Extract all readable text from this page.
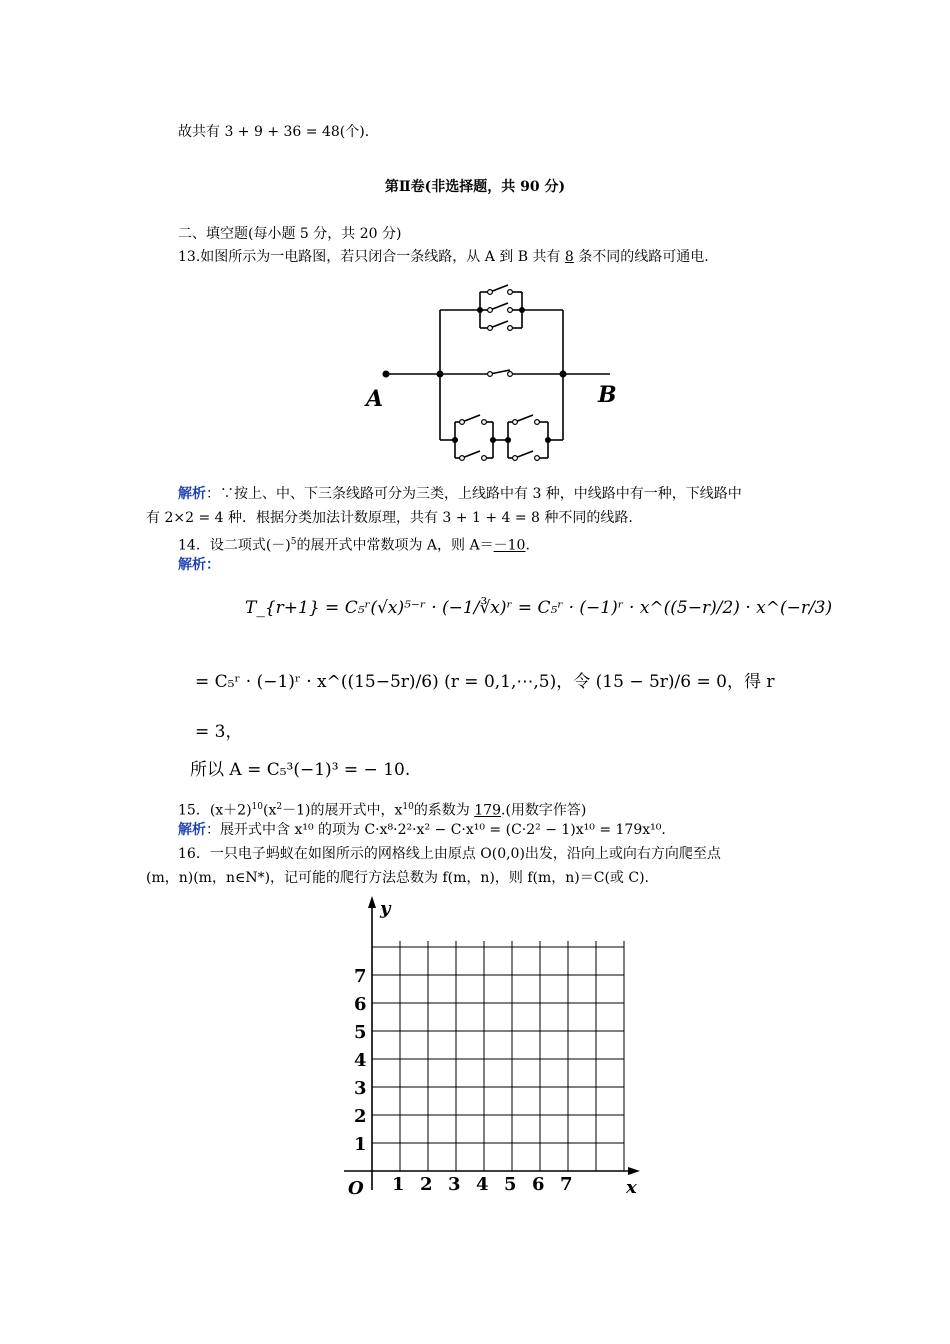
故共有 3 + 9 + 36 = 48(个).
第Ⅱ卷(非选择题，共 90 分)
二、填空题(每小题 5 分，共 20 分)
13.如图所示为一电路图，若只闭合一条线路，从 A 到 B 共有 8 条不同的线路可通电.
A	B
解析：∵按上、中、下三条线路可分为三类，上线路中有 3 种，中线路中有一种，下线路中
有 2×2 = 4 种．根据分类加法计数原理，共有 3 + 1 + 4 = 8 种不同的线路.
14．设二项式$(-)^5$的展开式中常数项为 A，则 A＝－10.
解析：
T_{r+1} = C₅ʳ(√x)⁵⁻ʳ · (−1/∛x)ʳ = C₅ʳ · (−1)ʳ · x^((5−r)/2) · x^(−r/3)
= C₅ʳ · (−1)ʳ · x^((15−5r)/6) (r = 0,1,⋯,5)，令 (15 − 5r)/6 = 0，得 r
= 3，
所以 A = C₅³(−1)³ = − 10.
15．$(x+2)^{10}(x^2-1)$的展开式中，$x^{10}$的系数为 179.(用数字作答)
解析：展开式中含 x¹⁰ 的项为 C·x⁸·2²·x² − C·x¹⁰ = (C·2² − 1)x¹⁰ = 179x¹⁰.
16．一只电子蚂蚁在如图所示的网格线上由原点 O(0,0)出发，沿向上或向右方向爬至点
(m，n)(m，n∈N*)，记可能的爬行方法总数为 f(m，n)，则 f(m，n)＝C(或 C).
y
x
O 1 2 3 4 5 6 7
1
2
3
4
5
6
7
